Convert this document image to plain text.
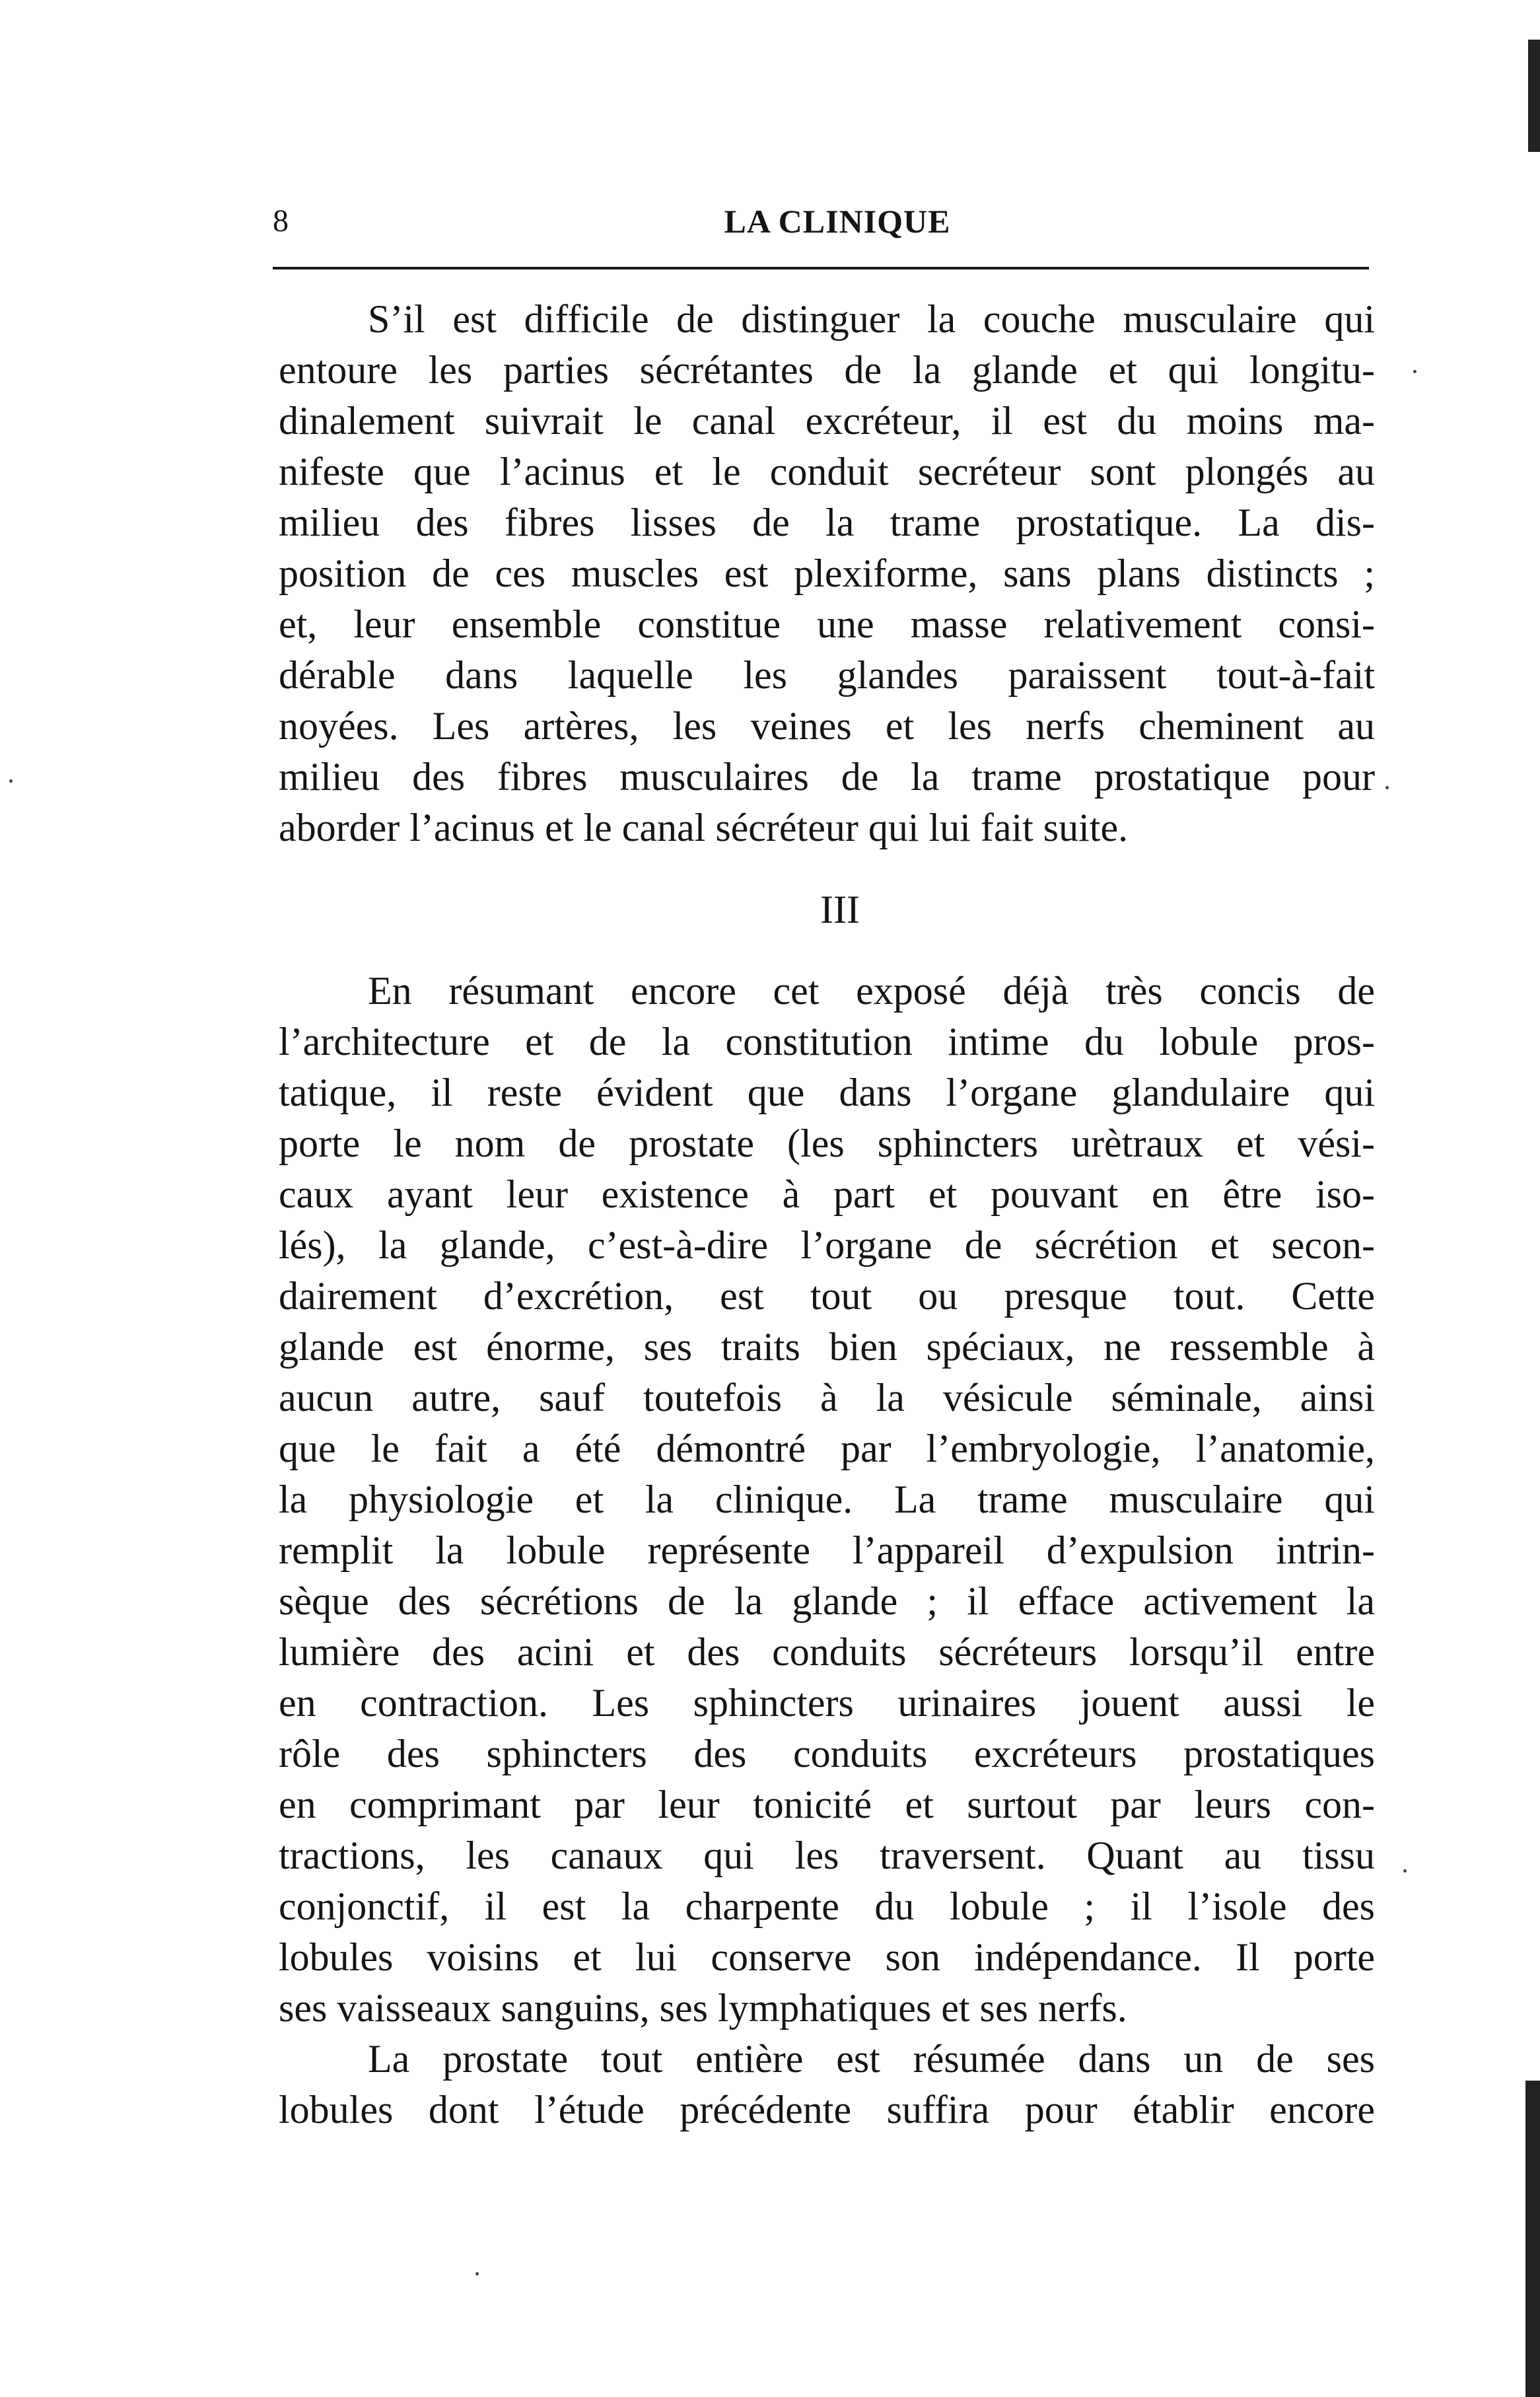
8	LA CLINIQUE
S’il est difficile de distinguer la couche musculaire qui
entoure les parties sécrétantes de la glande et qui longitu-
dinalement suivrait le canal excréteur, il est du moins ma-
nifeste que l’acinus et le conduit secréteur sont plongés au
milieu des fibres lisses de la trame prostatique. La dis-
position de ces muscles est plexiforme, sans plans distincts ;
et, leur ensemble constitue une masse relativement consi-
dérable dans laquelle les glandes paraissent tout-à-fait
noyées. Les artères, les veines et les nerfs cheminent au
milieu des fibres musculaires de la trame prostatique pour
aborder l’acinus et le canal sécréteur qui lui fait suite.
III
En résumant encore cet exposé déjà très concis de
l’architecture et de la constitution intime du lobule pros-
tatique, il reste évident que dans l’organe glandulaire qui
porte le nom de prostate (les sphincters urètraux et vési-
caux ayant leur existence à part et pouvant en être iso-
lés), la glande, c’est-à-dire l’organe de sécrétion et secon-
dairement d’excrétion, est tout ou presque tout. Cette
glande est énorme, ses traits bien spéciaux, ne ressemble à
aucun autre, sauf toutefois à la vésicule séminale, ainsi
que le fait a été démontré par l’embryologie, l’anatomie,
la physiologie et la clinique. La trame musculaire qui
remplit la lobule représente l’appareil d’expulsion intrin-
sèque des sécrétions de la glande ; il efface activement la
lumière des acini et des conduits sécréteurs lorsqu’il entre
en contraction. Les sphincters urinaires jouent aussi le
rôle des sphincters des conduits excréteurs prostatiques
en comprimant par leur tonicité et surtout par leurs con-
tractions, les canaux qui les traversent. Quant au tissu
conjonctif, il est la charpente du lobule ; il l’isole des
lobules voisins et lui conserve son indépendance. Il porte
ses vaisseaux sanguins, ses lymphatiques et ses nerfs.
La prostate tout entière est résumée dans un de ses
lobules dont l’étude précédente suffira pour établir encore
